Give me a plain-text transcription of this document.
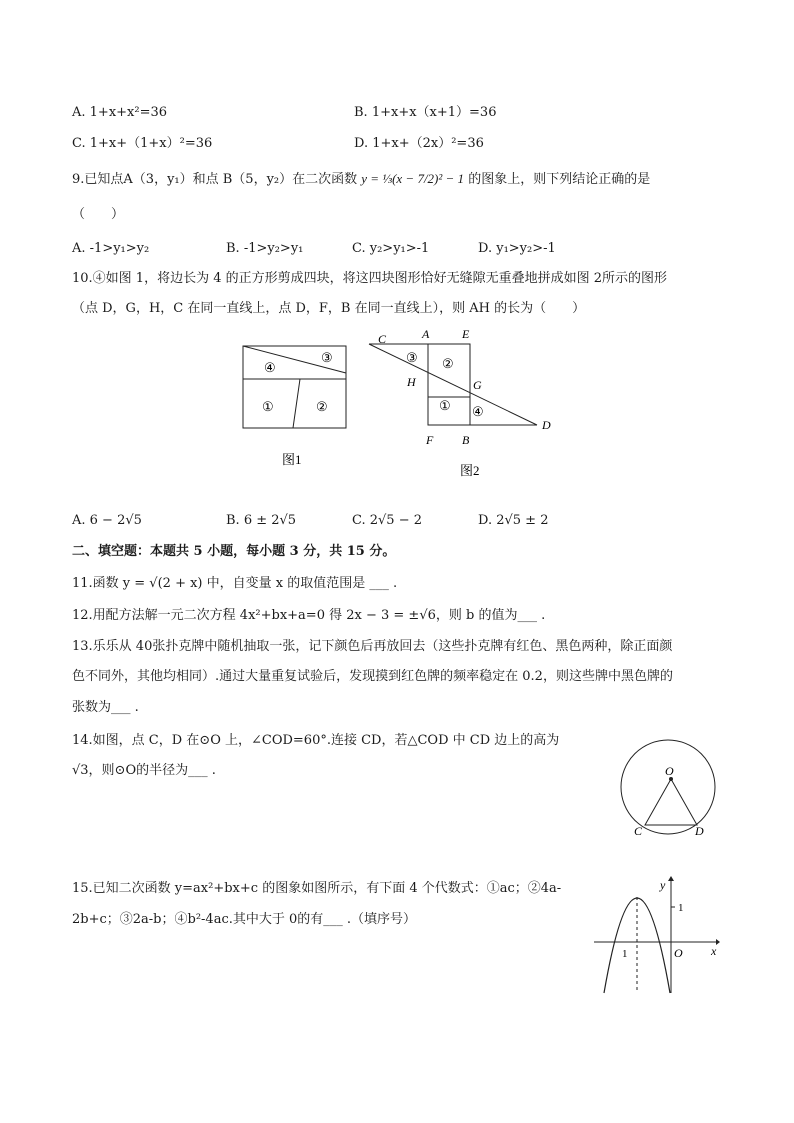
A. 1+x+x²=36	B. 1+x+x（x+1）=36
C. 1+x+（1+x）²=36	D. 1+x+（2x）²=36
9.已知点A（3，y₁）和点 B（5，y₂）在二次函数 y = ⅓(x − 7/2)² − 1 的图象上，则下列结论正确的是
（　　）
A. -1>y₁>y₂	B. -1>y₂>y₁	C. y₂>y₁>-1	D. y₁>y₂>-1
10.④如图 1，将边长为 4 的正方形剪成四块，将这四块图形恰好无缝隙无重叠地拼成如图 2所示的图形
（点 D，G，H，C 在同一直线上，点 D，F，B 在同一直线上），则 AH 的长为（　　）
③
④
①	②
图1
③ ②
① ④
C	A	E
H	G
F B
D
图2
A. 6 − 2√5	B. 6 ± 2√5	C. 2√5 − 2	D. 2√5 ± 2
二、填空题：本题共 5 小题，每小题 3 分，共 15 分。
11.函数 y = √(2 + x) 中，自变量 x 的取值范围是 ___ .
12.用配方法解一元二次方程 4x²+bx+a=0 得 2x − 3 = ±√6，则 b 的值为___ .
13.乐乐从 40张扑克牌中随机抽取一张，记下颜色后再放回去（这些扑克牌有红色、黑色两种，除正面颜
色不同外，其他均相同）.通过大量重复试验后，发现摸到红色牌的频率稳定在 0.2，则这些牌中黑色牌的
张数为___ .
14.如图，点 C，D 在⊙O 上，∠COD=60°.连接 CD，若△COD 中 CD 边上的高为
√3，则⊙O的半径为___ .	O
C	D
15.已知二次函数 y=ax²+bx+c 的图象如图所示，有下面 4 个代数式：①ac；②4a-
2b+c；③2a-b；④b²-4ac.其中大于 0的有___ .（填序号）
y
1
1	O x
